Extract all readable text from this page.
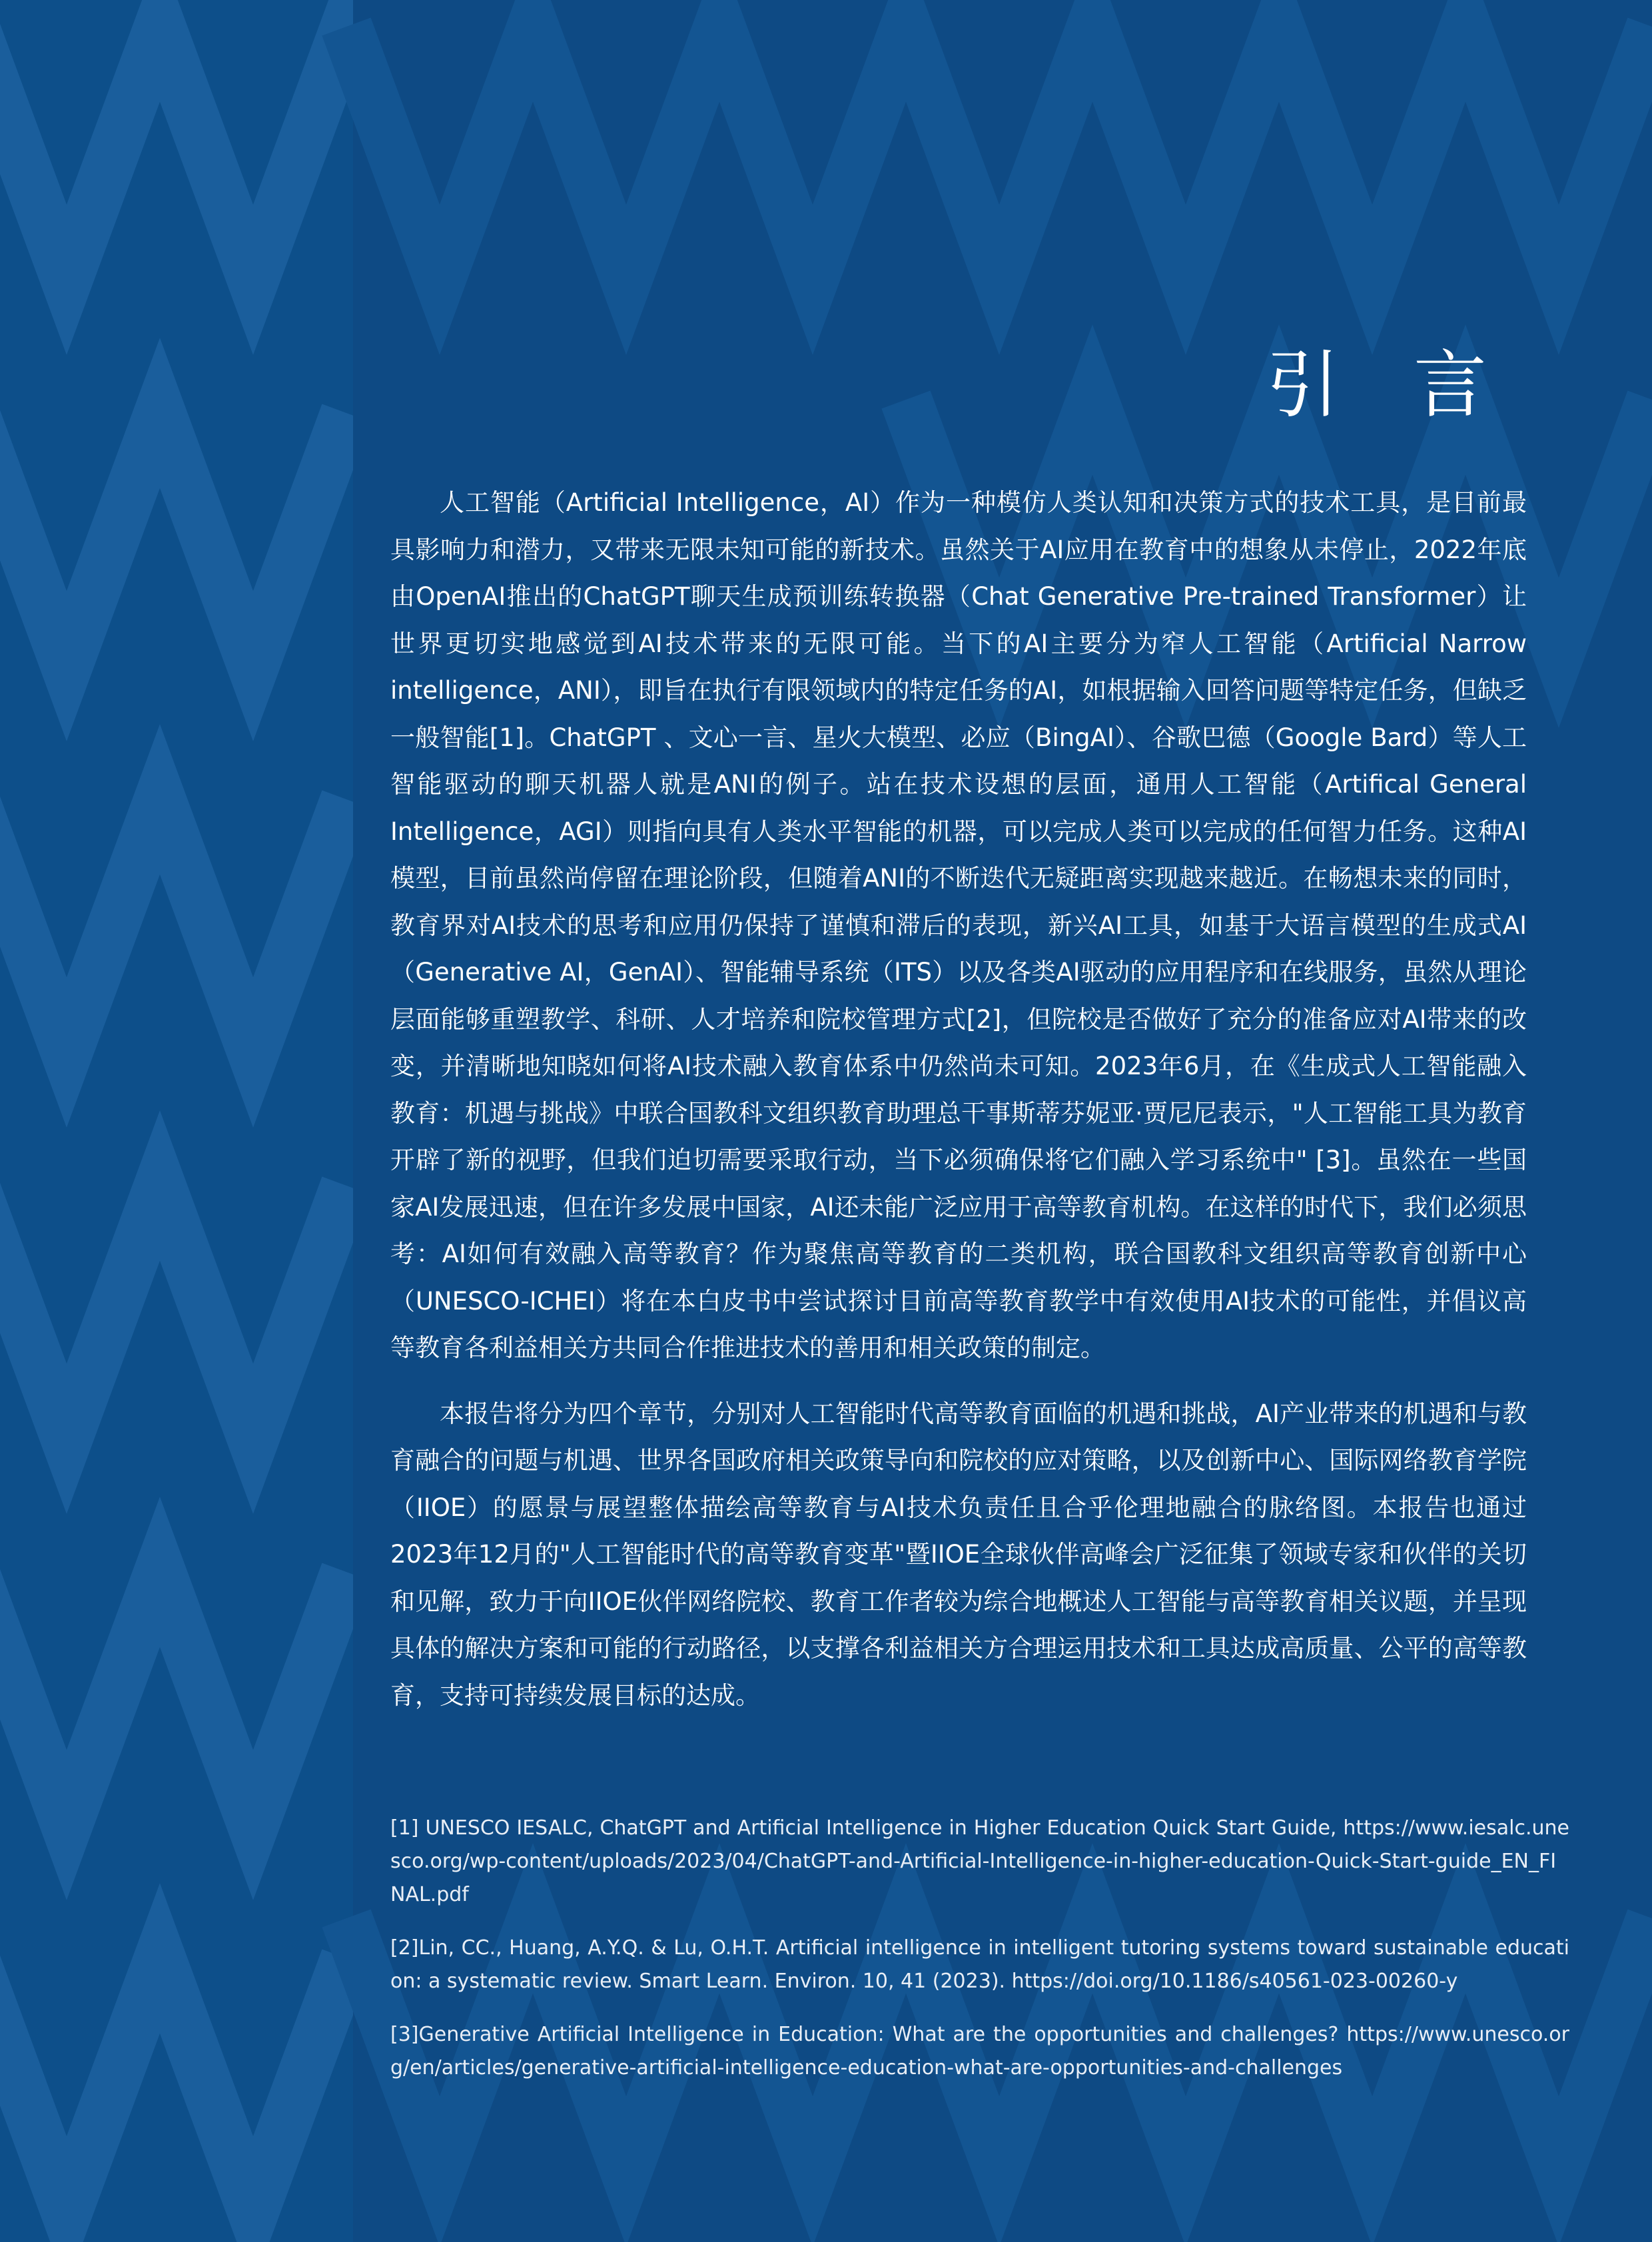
引 言

人工智能（Artificial Intelligence，AI）作为一种模仿人类认知和决策方式的技术工具，是目前最具影响力和潜力，又带来无限未知可能的新技术。虽然关于AI应用在教育中的想象从未停止，2022年底由OpenAI推出的ChatGPT聊天生成预训练转换器（Chat Generative Pre-trained Transformer）让世界更切实地感觉到AI技术带来的无限可能。当下的AI主要分为窄人工智能（Artificial Narrow intelligence，ANI），即旨在执行有限领域内的特定任务的AI，如根据输入回答问题等特定任务，但缺乏一般智能[1]。ChatGPT 、文心一言、星火大模型、必应（BingAI）、谷歌巴德（Google Bard）等人工智能驱动的聊天机器人就是ANI的例子。站在技术设想的层面，通用人工智能（Artifical General Intelligence，AGI）则指向具有人类水平智能的机器，可以完成人类可以完成的任何智力任务。这种AI模型，目前虽然尚停留在理论阶段，但随着ANI的不断迭代无疑距离实现越来越近。在畅想未来的同时，教育界对AI技术的思考和应用仍保持了谨慎和滞后的表现，新兴AI工具，如基于大语言模型的生成式AI （Generative AI，GenAI）、智能辅导系统（ITS）以及各类AI驱动的应用程序和在线服务，虽然从理论层面能够重塑教学、科研、人才培养和院校管理方式[2]，但院校是否做好了充分的准备应对AI带来的改变，并清晰地知晓如何将AI技术融入教育体系中仍然尚未可知。2023年6月，在《生成式人工智能融入教育：机遇与挑战》中联合国教科文组织教育助理总干事斯蒂芬妮亚·贾尼尼表示，"人工智能工具为教育开辟了新的视野，但我们迫切需要采取行动，当下必须确保将它们融入学习系统中" [3]。虽然在一些国家AI发展迅速，但在许多发展中国家，AI还未能广泛应用于高等教育机构。在这样的时代下，我们必须思考：AI如何有效融入高等教育？作为聚焦高等教育的二类机构，联合国教科文组织高等教育创新中心（UNESCO-ICHEI）将在本白皮书中尝试探讨目前高等教育教学中有效使用AI技术的可能性，并倡议高等教育各利益相关方共同合作推进技术的善用和相关政策的制定。

本报告将分为四个章节，分别对人工智能时代高等教育面临的机遇和挑战，AI产业带来的机遇和与教育融合的问题与机遇、世界各国政府相关政策导向和院校的应对策略，以及创新中心、国际网络教育学院（IIOE）的愿景与展望整体描绘高等教育与AI技术负责任且合乎伦理地融合的脉络图。本报告也通过2023年12月的"人工智能时代的高等教育变革"暨IIOE全球伙伴高峰会广泛征集了领域专家和伙伴的关切和见解，致力于向IIOE伙伴网络院校、教育工作者较为综合地概述人工智能与高等教育相关议题，并呈现具体的解决方案和可能的行动路径，以支撑各利益相关方合理运用技术和工具达成高质量、公平的高等教育，支持可持续发展目标的达成。

[1] UNESCO IESALC, ChatGPT and Artificial Intelligence in Higher Education Quick Start Guide, https://www.iesalc.unesco.org/wp-content/uploads/2023/04/ChatGPT-and-Artificial-Intelligence-in-higher-education-Quick-Start-guide_EN_FINAL.pdf

[2]Lin, CC., Huang, A.Y.Q. & Lu, O.H.T. Artificial intelligence in intelligent tutoring systems toward sustainable education: a systematic review. Smart Learn. Environ. 10, 41 (2023). https://doi.org/10.1186/s40561-023-00260-y

[3]Generative Artificial Intelligence in Education: What are the opportunities and challenges? https://www.unesco.org/en/articles/generative-artificial-intelligence-education-what-are-opportunities-and-challenges
